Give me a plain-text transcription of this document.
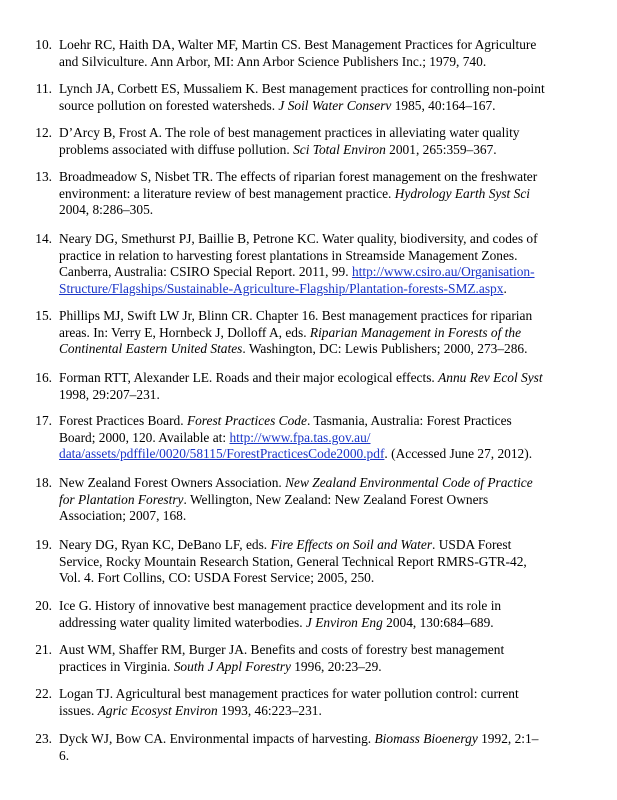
10. Loehr RC, Haith DA, Walter MF, Martin CS. Best Management Practices for Agriculture
and Silviculture. Ann Arbor, MI: Ann Arbor Science Publishers Inc.; 1979, 740.
11. Lynch JA, Corbett ES, Mussaliem K. Best management practices for controlling non-point
source pollution on forested watersheds. J Soil Water Conserv 1985, 40:164–167.
12. D’Arcy B, Frost A. The role of best management practices in alleviating water quality
problems associated with diffuse pollution. Sci Total Environ 2001, 265:359–367.
13. Broadmeadow S, Nisbet TR. The effects of riparian forest management on the freshwater
environment: a literature review of best management practice. Hydrology Earth Syst Sci
2004, 8:286–305.
14. Neary DG, Smethurst PJ, Baillie B, Petrone KC. Water quality, biodiversity, and codes of
practice in relation to harvesting forest plantations in Streamside Management Zones.
Canberra, Australia: CSIRO Special Report. 2011, 99. http://www.csiro.au/Organisation-
Structure/Flagships/Sustainable-Agriculture-Flagship/Plantation-forests-SMZ.aspx.
15. Phillips MJ, Swift LW Jr, Blinn CR. Chapter 16. Best management practices for riparian
areas. In: Verry E, Hornbeck J, Dolloff A, eds. Riparian Management in Forests of the
Continental Eastern United States. Washington, DC: Lewis Publishers; 2000, 273–286.
16. Forman RTT, Alexander LE. Roads and their major ecological effects. Annu Rev Ecol Syst
1998, 29:207–231.
17. Forest Practices Board. Forest Practices Code. Tasmania, Australia: Forest Practices
Board; 2000, 120. Available at: http://www.fpa.tas.gov.au/
data/assets/pdffile/0020/58115/ForestPracticesCode2000.pdf. (Accessed June 27, 2012).
18. New Zealand Forest Owners Association. New Zealand Environmental Code of Practice
for Plantation Forestry. Wellington, New Zealand: New Zealand Forest Owners
Association; 2007, 168.
19. Neary DG, Ryan KC, DeBano LF, eds. Fire Effects on Soil and Water. USDA Forest
Service, Rocky Mountain Research Station, General Technical Report RMRS-GTR-42,
Vol. 4. Fort Collins, CO: USDA Forest Service; 2005, 250.
20. Ice G. History of innovative best management practice development and its role in
addressing water quality limited waterbodies. J Environ Eng 2004, 130:684–689.
21. Aust WM, Shaffer RM, Burger JA. Benefits and costs of forestry best management
practices in Virginia. South J Appl Forestry 1996, 20:23–29.
22. Logan TJ. Agricultural best management practices for water pollution control: current
issues. Agric Ecosyst Environ 1993, 46:223–231.
23. Dyck WJ, Bow CA. Environmental impacts of harvesting. Biomass Bioenergy 1992, 2:1–
6.
